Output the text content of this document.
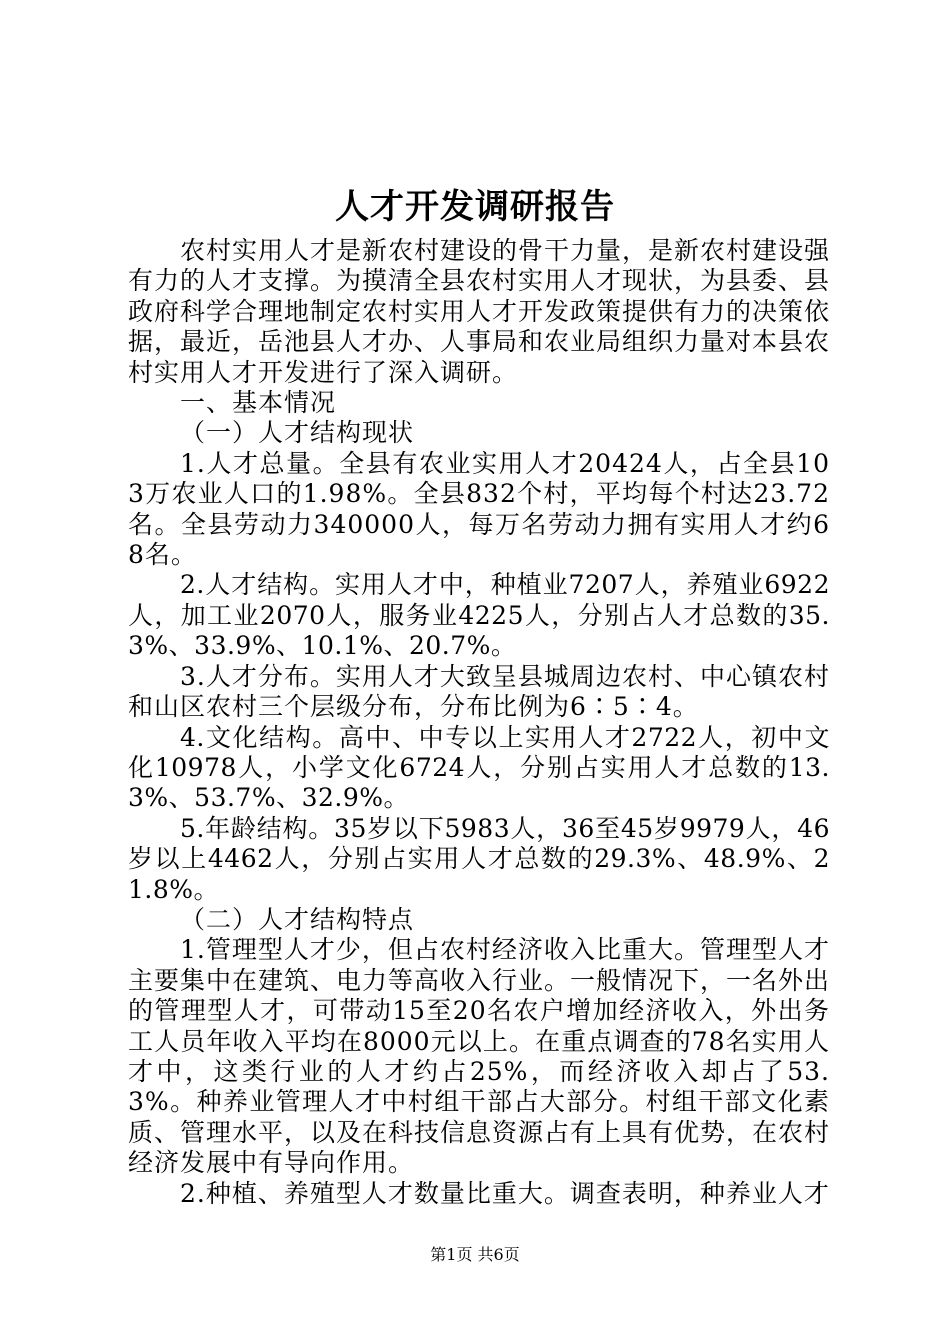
人才开发调研报告

农村实用人才是新农村建设的骨干力量，是新农村建设强有力的人才支撑。为摸清全县农村实用人才现状，为县委、县政府科学合理地制定农村实用人才开发政策提供有力的决策依据，最近，岳池县人才办、人事局和农业局组织力量对本县农村实用人才开发进行了深入调研。

一、基本情况

（一）人才结构现状

1.人才总量。全县有农业实用人才20424人，占全县103万农业人口的1.98%。全县832个村，平均每个村达23.72名。全县劳动力340000人，每万名劳动力拥有实用人才约68名。

2.人才结构。实用人才中，种植业7207人，养殖业6922人，加工业2070人，服务业4225人，分别占人才总数的35.3%、33.9%、10.1%、20.7%。

3.人才分布。实用人才大致呈县城周边农村、中心镇农村和山区农村三个层级分布，分布比例为6∶5∶4。

4.文化结构。高中、中专以上实用人才2722人，初中文化10978人，小学文化6724人，分别占实用人才总数的13.3%、53.7%、32.9%。

5.年龄结构。35岁以下5983人，36至45岁9979人，46岁以上4462人，分别占实用人才总数的29.3%、48.9%、21.8%。

（二）人才结构特点

1.管理型人才少，但占农村经济收入比重大。管理型人才主要集中在建筑、电力等高收入行业。一般情况下，一名外出的管理型人才，可带动15至20名农户增加经济收入，外出务工人员年收入平均在8000元以上。在重点调查的78名实用人才中，这类行业的人才约占25%，而经济收入却占了53.3%。种养业管理人才中村组干部占大部分。村组干部文化素质、管理水平，以及在科技信息资源占有上具有优势，在农村经济发展中有导向作用。

2.种植、养殖型人才数量比重大。调查表明，种养业人才

第1页 共6页
